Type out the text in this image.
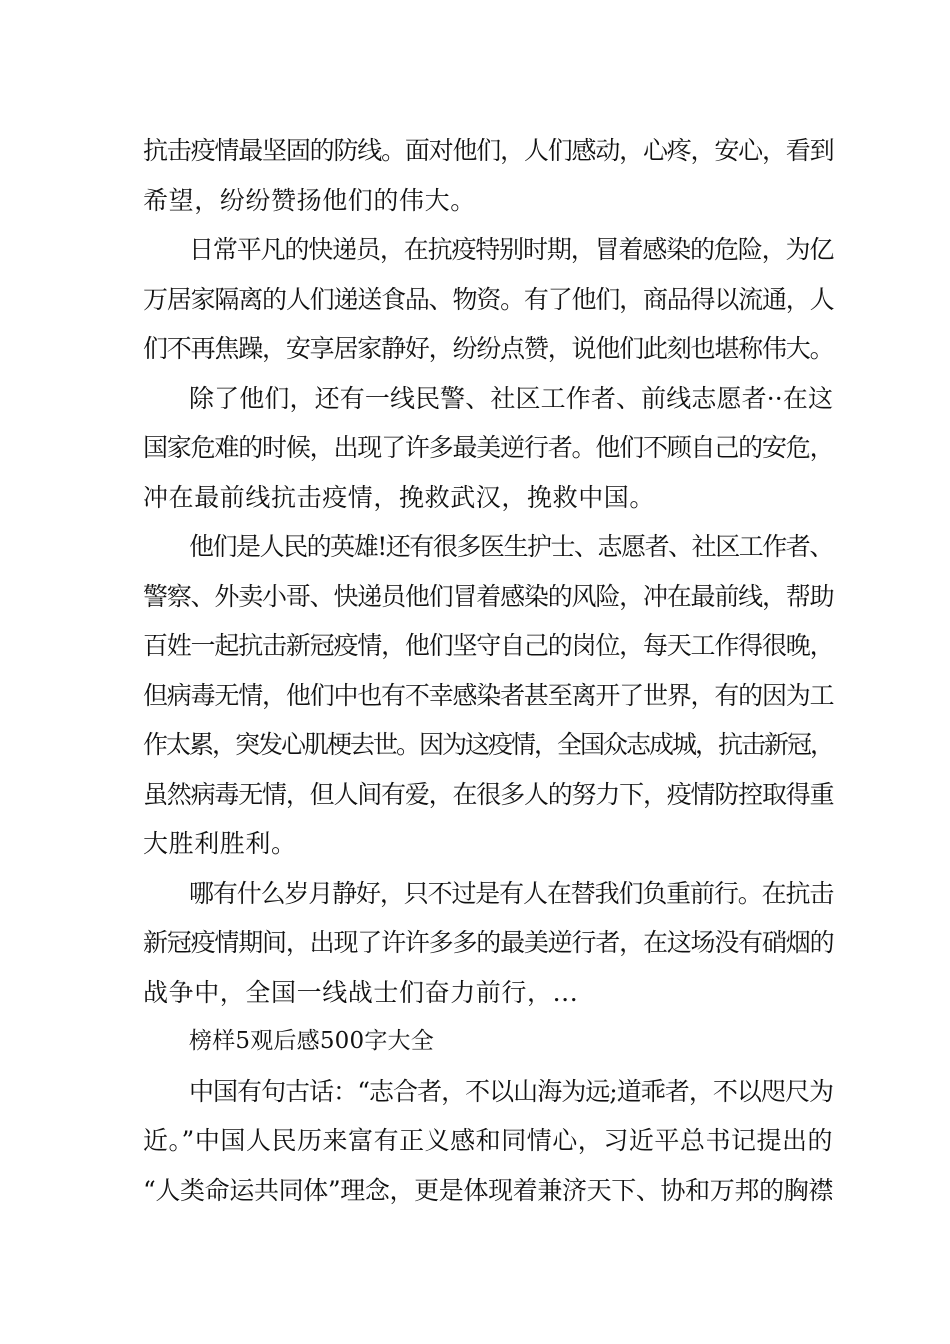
抗击疫情最坚固的防线。面对他们，人们感动，心疼，安心，看到
希望，纷纷赞扬他们的伟大。
日常平凡的快递员，在抗疫特别时期，冒着感染的危险，为亿
万居家隔离的人们递送食品、物资。有了他们，商品得以流通，人
们不再焦躁，安享居家静好，纷纷点赞，说他们此刻也堪称伟大。
除了他们，还有一线民警、社区工作者、前线志愿者··在这
国家危难的时候，出现了许多最美逆行者。他们不顾自己的安危，
冲在最前线抗击疫情，挽救武汉，挽救中国。
他们是人民的英雄!还有很多医生护士、志愿者、社区工作者、
警察、外卖小哥、快递员他们冒着感染的风险，冲在最前线，帮助
百姓一起抗击新冠疫情，他们坚守自己的岗位，每天工作得很晚，
但病毒无情，他们中也有不幸感染者甚至离开了世界，有的因为工
作太累，突发心肌梗去世。因为这疫情，全国众志成城，抗击新冠，
虽然病毒无情，但人间有爱，在很多人的努力下，疫情防控取得重
大胜利胜利。
哪有什么岁月静好，只不过是有人在替我们负重前行。在抗击
新冠疫情期间，出现了许许多多的最美逆行者，在这场没有硝烟的
战争中，全国一线战士们奋力前行，...
榜样5观后感500字大全
中国有句古话：“志合者，不以山海为远;道乖者，不以咫尺为
近。”中国人民历来富有正义感和同情心，习近平总书记提出的
“人类命运共同体”理念，更是体现着兼济天下、协和万邦的胸襟
